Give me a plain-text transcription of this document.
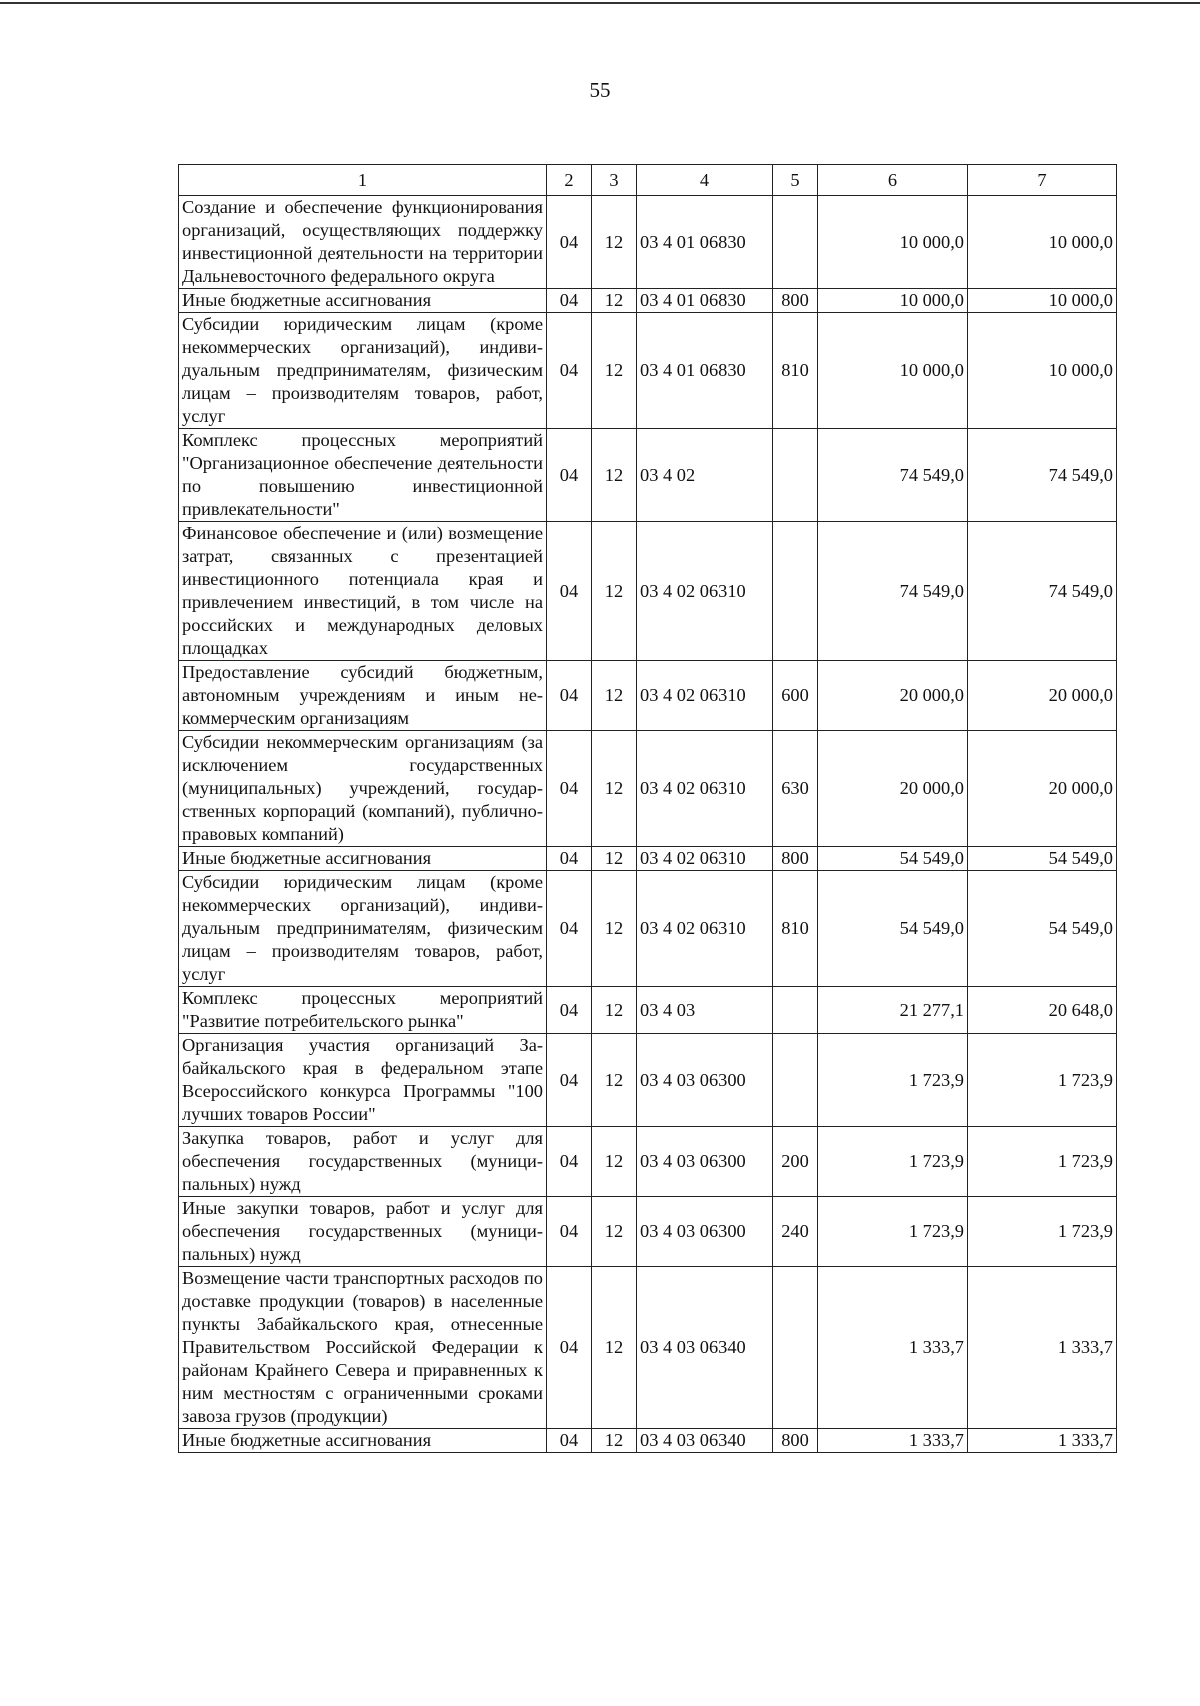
55
1	2	3	4	5	6	7
Создание и обеспечение функционирования организаций, осуществляющих поддержку инвестиционной деятельности на территории Дальневосточного федерального округа	04	12	03 4 01 06830		10 000,0	10 000,0
Иные бюджетные ассигнования	04	12	03 4 01 06830	800	10 000,0	10 000,0
Субсидии юридическим лицам (кроме некоммерческих организаций), индивидуальным предпринимателям, физическим лицам – производителям товаров, работ, услуг	04	12	03 4 01 06830	810	10 000,0	10 000,0
Комплекс процессных мероприятий "Организационное обеспечение деятельности по повышению инвестиционной привлекательности"	04	12	03 4 02		74 549,0	74 549,0
Финансовое обеспечение и (или) возмещение затрат, связанных с презентацией инвестиционного потенциала края и привлечением инвестиций, в том числе на российских и международных деловых площадках	04	12	03 4 02 06310		74 549,0	74 549,0
Предоставление субсидий бюджетным, автономным учреждениям и иным некоммерческим организациям	04	12	03 4 02 06310	600	20 000,0	20 000,0
Субсидии некоммерческим организациям (за исключением государственных (муниципальных) учреждений, государственных корпораций (компаний), публично-правовых компаний)	04	12	03 4 02 06310	630	20 000,0	20 000,0
Иные бюджетные ассигнования	04	12	03 4 02 06310	800	54 549,0	54 549,0
Субсидии юридическим лицам (кроме некоммерческих организаций), индивидуальным предпринимателям, физическим лицам – производителям товаров, работ, услуг	04	12	03 4 02 06310	810	54 549,0	54 549,0
Комплекс процессных мероприятий "Развитие потребительского рынка"	04	12	03 4 03		21 277,1	20 648,0
Организация участия организаций Забайкальского края в федеральном этапе Всероссийского конкурса Программы "100 лучших товаров России"	04	12	03 4 03 06300		1 723,9	1 723,9
Закупка товаров, работ и услуг для обеспечения государственных (муниципальных) нужд	04	12	03 4 03 06300	200	1 723,9	1 723,9
Иные закупки товаров, работ и услуг для обеспечения государственных (муниципальных) нужд	04	12	03 4 03 06300	240	1 723,9	1 723,9
Возмещение части транспортных расходов по доставке продукции (товаров) в населенные пункты Забайкальского края, отнесенные Правительством Российской Федерации к районам Крайнего Севера и приравненных к ним местностям с ограниченными сроками завоза грузов (продукции)	04	12	03 4 03 06340		1 333,7	1 333,7
Иные бюджетные ассигнования	04	12	03 4 03 06340	800	1 333,7	1 333,7
